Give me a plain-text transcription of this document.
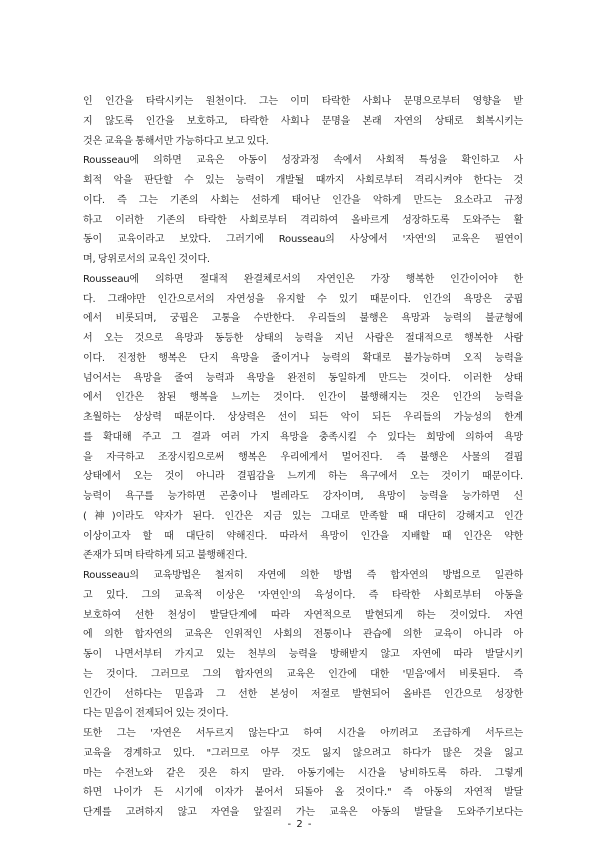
인 인간을 타락시키는 원천이다. 그는 이미 타락한 사회나 문명으로부터 영향을 받
지 않도록 인간을 보호하고, 타락한 사회나 문명을 본래 자연의 상태로 회복시키는
것은 교육을 통해서만 가능하다고 보고 있다.
Rousseau에 의하면 교육은 아동이 성장과정 속에서 사회적 특성을 확인하고 사
회적 악을 판단할 수 있는 능력이 개발될 때까지 사회로부터 격리시켜야 한다는 것
이다. 즉 그는 기존의 사회는 선하게 태어난 인간을 악하게 만드는 요소라고 규정
하고 이러한 기존의 타락한 사회로부터 격리하여 올바르게 성장하도록 도와주는 활
동이 교육이라고 보았다. 그러기에 Rousseau의 사상에서 '자연'의 교육은 필연이
며, 당위로서의 교육인 것이다.
Rousseau에 의하면 절대적 완결체로서의 자연인은 가장 행복한 인간이어야 한
다. 그래야만 인간으로서의 자연성을 유지할 수 있기 때문이다. 인간의 욕망은 궁핍
에서 비롯되며, 궁핍은 고통을 수반한다. 우리들의 불행은 욕망과 능력의 불균형에
서 오는 것으로 욕망과 동등한 상태의 능력을 지닌 사람은 절대적으로 행복한 사람
이다. 진정한 행복은 단지 욕망을 줄이거나 능력의 확대로 불가능하며 오직 능력을
넘어서는 욕망을 줄여 능력과 욕망을 완전히 동일하게 만드는 것이다. 이러한 상태
에서 인간은 참된 행복을 느끼는 것이다. 인간이 불행해지는 것은 인간의 능력을
초월하는 상상력 때문이다. 상상력은 선이 되든 악이 되든 우리들의 가능성의 한계
를 확대해 주고 그 결과 여러 가지 욕망을 충족시킬 수 있다는 희망에 의하여 욕망
을 자극하고 조장시킴으로써 행복은 우리에게서 멀어진다. 즉 불행은 사물의 결핍
상태에서 오는 것이 아니라 결핍감을 느끼게 하는 욕구에서 오는 것이기 때문이다.
능력이 욕구를 능가하면 곤충이나 벌레라도 강자이며, 욕망이 능력을 능가하면 신
(神)이라도 약자가 된다. 인간은 지금 있는 그대로 만족할 때 대단히 강해지고 인간
이상이고자 할 때 대단히 약해진다. 따라서 욕망이 인간을 지배할 때 인간은 약한
존재가 되며 타락하게 되고 불행해진다.
Rousseau의 교육방법은 철저히 자연에 의한 방법 즉 합자연의 방법으로 일관하
고 있다. 그의 교육적 이상은 '자연인'의 육성이다. 즉 타락한 사회로부터 아동을
보호하여 선한 천성이 발달단계에 따라 자연적으로 발현되게 하는 것이었다. 자연
에 의한 합자연의 교육은 인위적인 사회의 전통이나 관습에 의한 교육이 아니라 아
동이 나면서부터 가지고 있는 천부의 능력을 방해받지 않고 자연에 따라 발달시키
는 것이다. 그러므로 그의 합자연의 교육은 인간에 대한 '믿음'에서 비롯된다. 즉
인간이 선하다는 믿음과 그 선한 본성이 저절로 발현되어 올바른 인간으로 성장한
다는 믿음이 전제되어 있는 것이다.
또한 그는 '자연은 서두르지 않는다'고 하여 시간을 아끼려고 조급하게 서두르는
교육을 경계하고 있다. "그러므로 아무 것도 잃지 않으려고 하다가 많은 것을 잃고
마는 수전노와 같은 짓은 하지 말라. 아동기에는 시간을 낭비하도록 하라. 그렇게
하면 나이가 든 시기에 이자가 붙어서 되돌아 올 것이다." 즉 아동의 자연적 발달
단계를 고려하지 않고 자연을 앞질러 가는 교육은 아동의 발달을 도와주기보다는
- 2 -
